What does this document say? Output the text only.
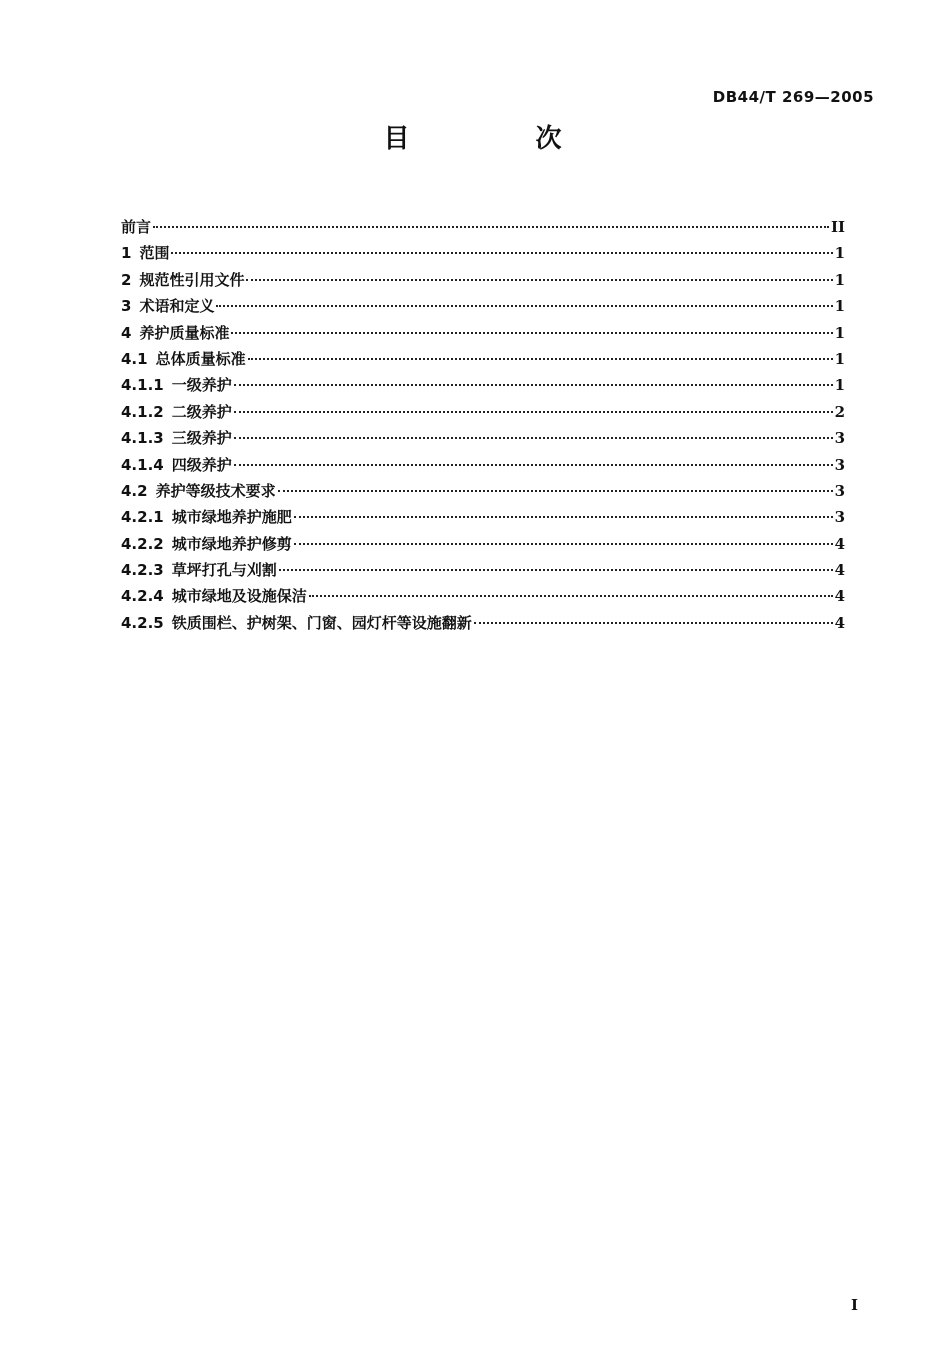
DB44/T 269—2005
目　次
前言	II
1 范围	1
2 规范性引用文件	1
3 术语和定义	1
4 养护质量标准	1
4.1 总体质量标准	1
4.1.1 一级养护	1
4.1.2 二级养护	2
4.1.3 三级养护	3
4.1.4 四级养护	3
4.2 养护等级技术要求	3
4.2.1 城市绿地养护施肥	3
4.2.2 城市绿地养护修剪	4
4.2.3 草坪打孔与刈割	4
4.2.4 城市绿地及设施保洁	4
4.2.5 铁质围栏、护树架、门窗、园灯杆等设施翻新	4
I
